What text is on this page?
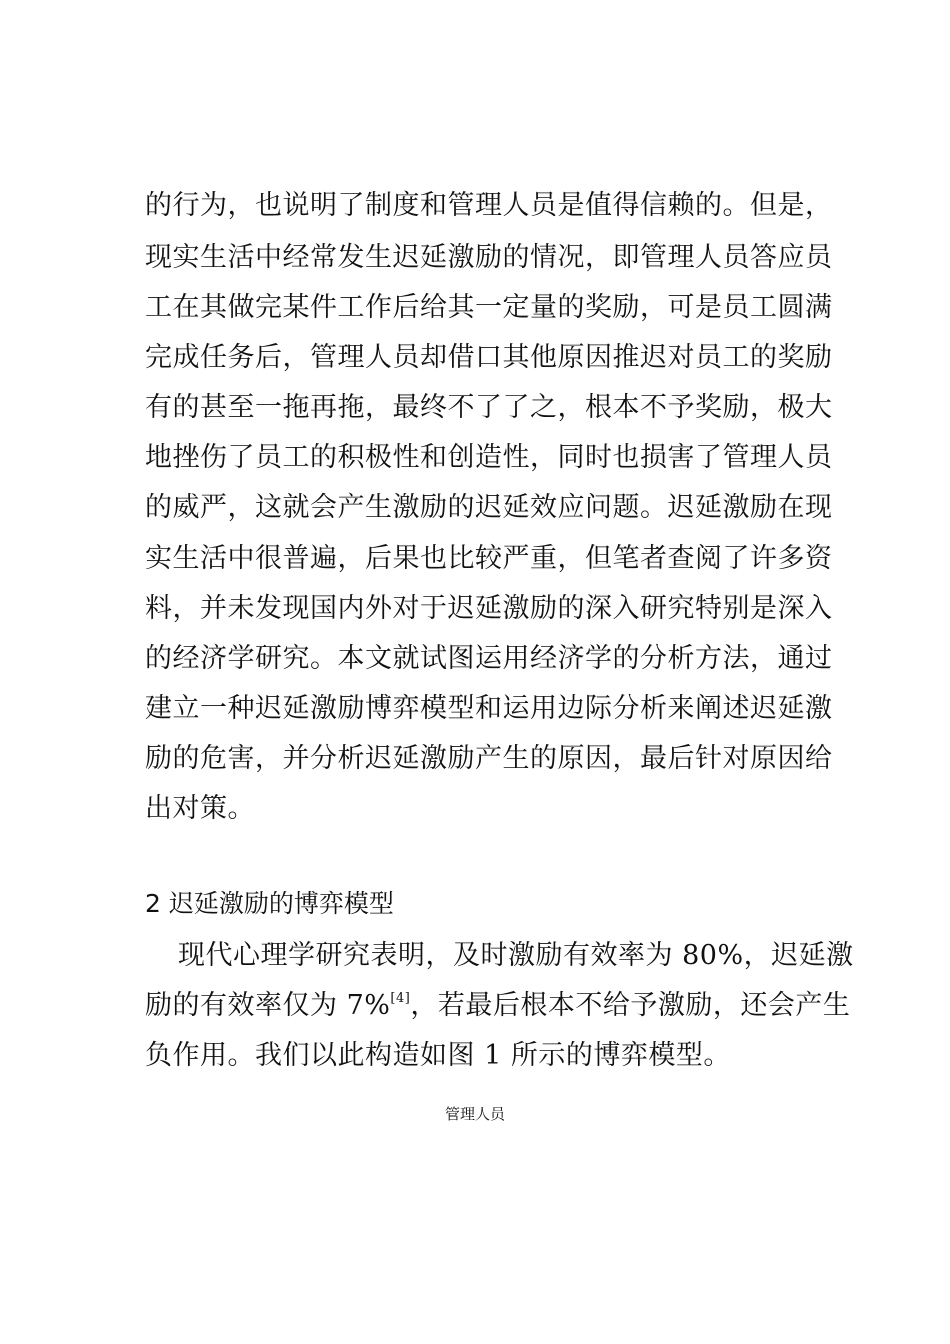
的行为，也说明了制度和管理人员是值得信赖的。但是，
现实生活中经常发生迟延激励的情况，即管理人员答应员
工在其做完某件工作后给其一定量的奖励，可是员工圆满
完成任务后，管理人员却借口其他原因推迟对员工的奖励
有的甚至一拖再拖，最终不了了之，根本不予奖励，极大
地挫伤了员工的积极性和创造性，同时也损害了管理人员
的威严，这就会产生激励的迟延效应问题。迟延激励在现
实生活中很普遍，后果也比较严重，但笔者查阅了许多资
料，并未发现国内外对于迟延激励的深入研究特别是深入
的经济学研究。本文就试图运用经济学的分析方法，通过
建立一种迟延激励博弈模型和运用边际分析来阐述迟延激
励的危害，并分析迟延激励产生的原因，最后针对原因给
出对策。
2 迟延激励的博弈模型
现代心理学研究表明，及时激励有效率为 80%，迟延激
励的有效率仅为 7%[4]，若最后根本不给予激励，还会产生
负作用。我们以此构造如图 1 所示的博弈模型。
管理人员
